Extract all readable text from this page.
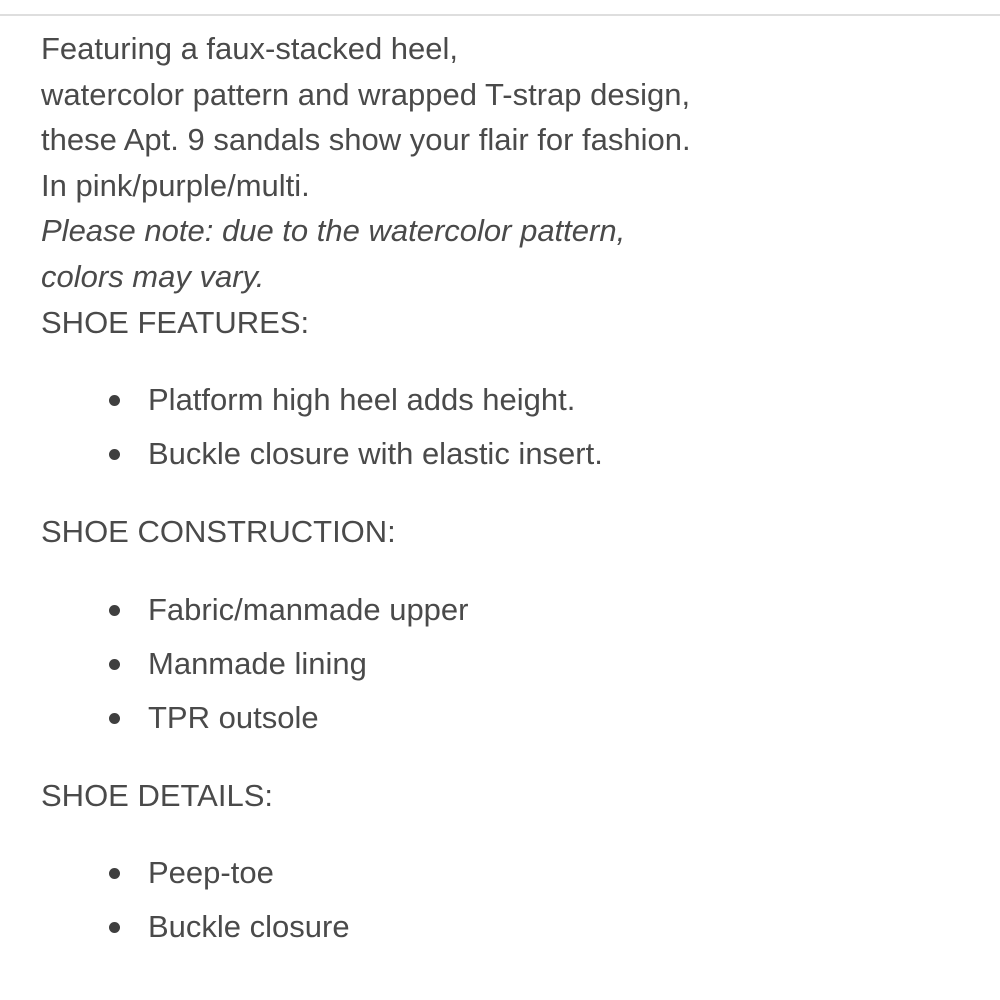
Featuring a faux-stacked heel,
watercolor pattern and wrapped T-strap design,
these Apt. 9 sandals show your flair for fashion.
In pink/purple/multi.
Please note: due to the watercolor pattern,
colors may vary.
SHOE FEATURES:
Platform high heel adds height.
Buckle closure with elastic insert.
SHOE CONSTRUCTION:
Fabric/manmade upper
Manmade lining
TPR outsole
SHOE DETAILS:
Peep-toe
Buckle closure
